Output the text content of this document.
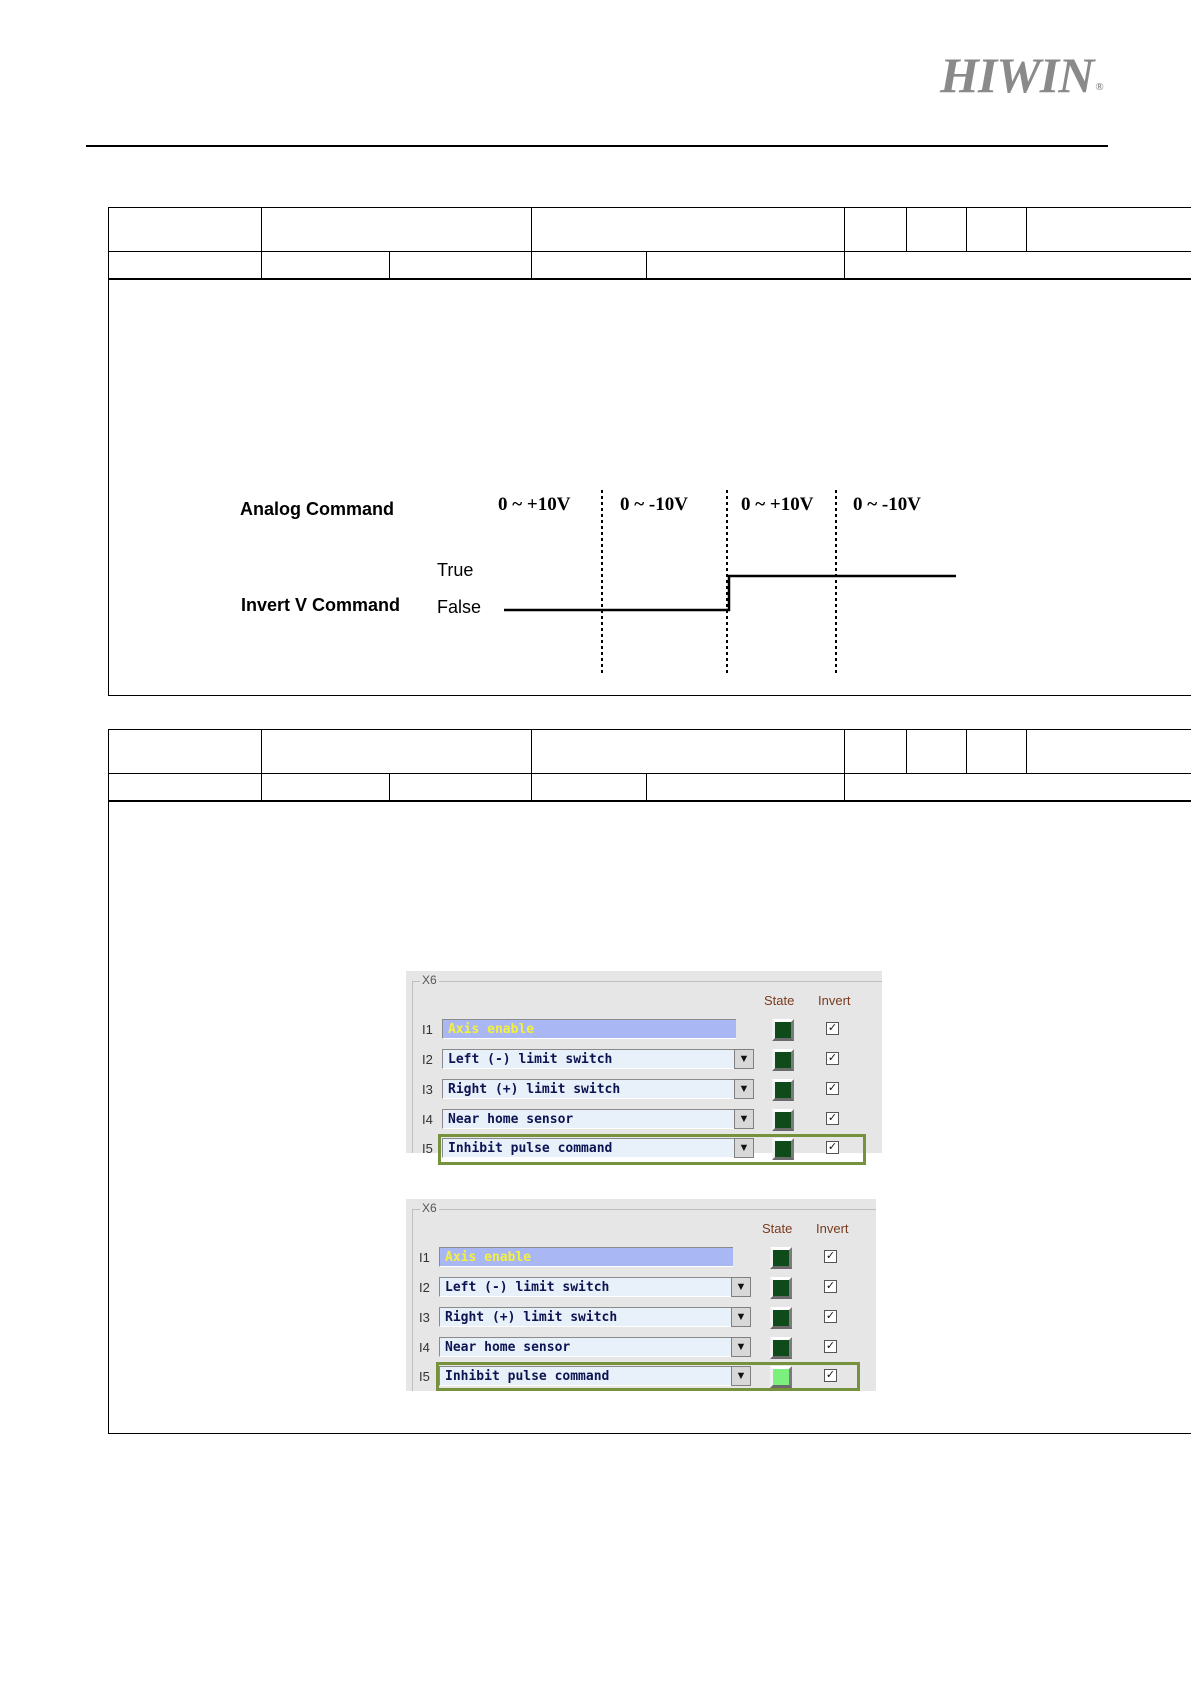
HIWIN ®

Analog Command
Invert V Command
True
False
0 ~ +10V	0 ~ -10V	0 ~ +10V 0 ~ -10V

X6
State Invert
I1 Axis enable	✓
I2 Left (-) limit switch	▼	✓
I3 Right (+) limit switch	▼	✓
I4 Near home sensor	▼	✓
I5 Inhibit pulse command	▼	✓
X6
State Invert
I1 Axis enable	✓
I2 Left (-) limit switch	▼	✓
I3 Right (+) limit switch	▼	✓
I4 Near home sensor	▼	✓
I5 Inhibit pulse command	▼	✓
